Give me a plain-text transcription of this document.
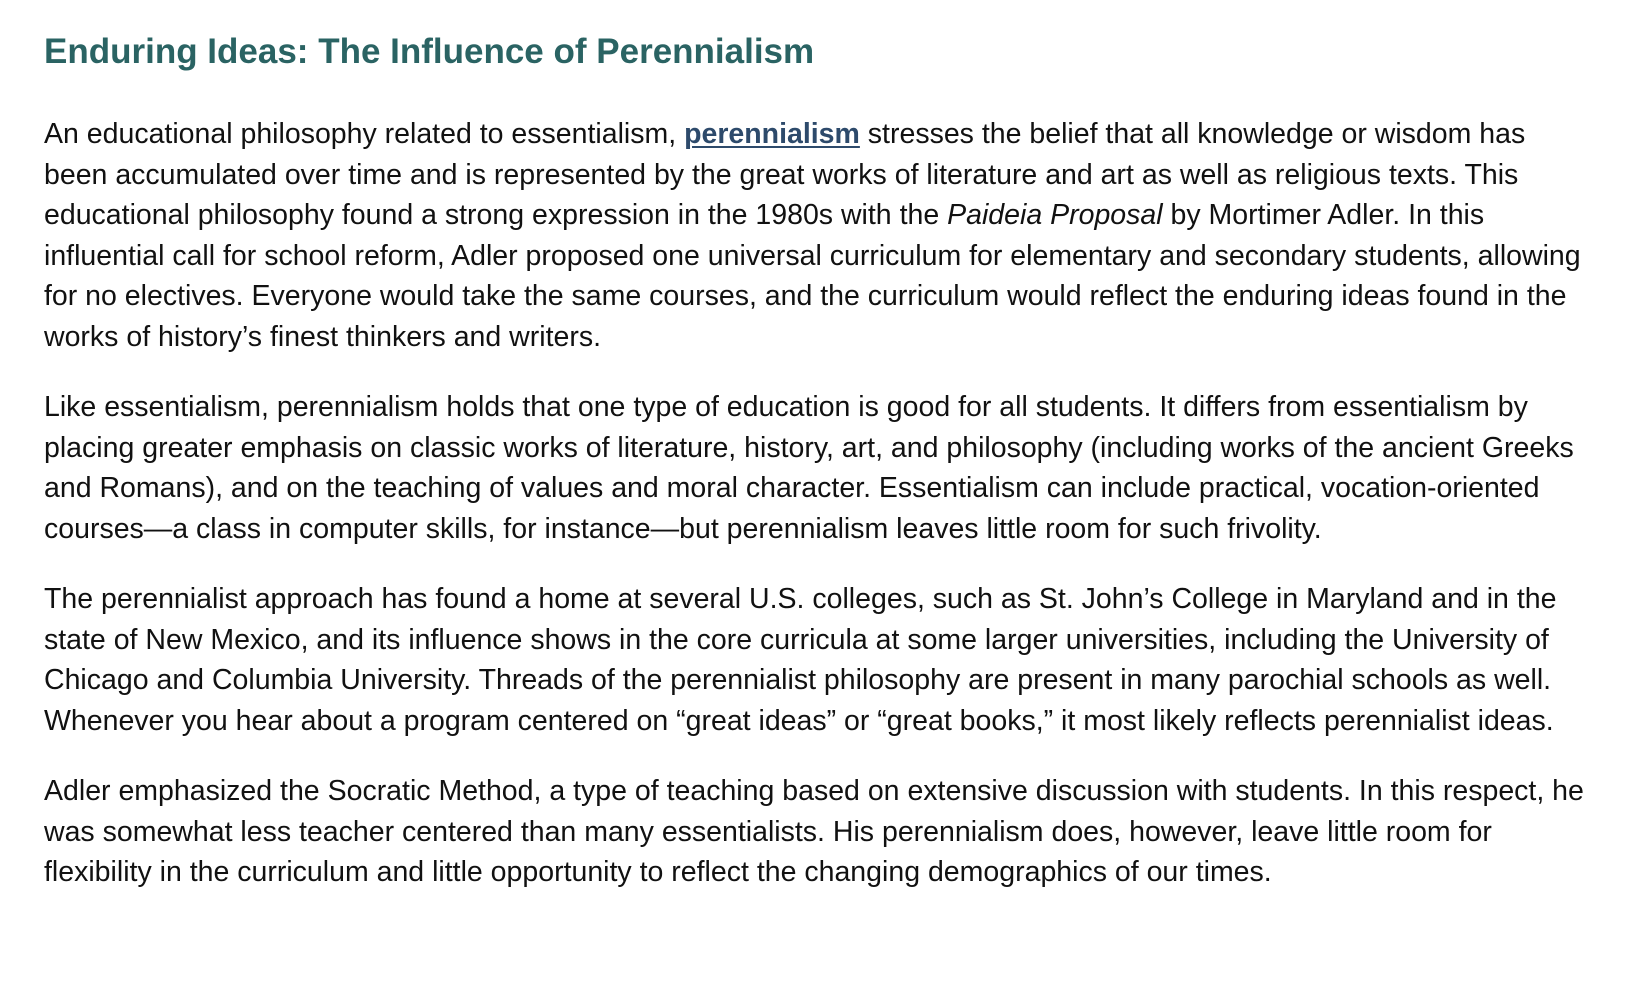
Enduring Ideas: The Influence of Perennialism

An educational philosophy related to essentialism, perennialism stresses the belief that all knowledge or wisdom has been accumulated over time and is represented by the great works of literature and art as well as religious texts. This educational philosophy found a strong expression in the 1980s with the Paideia Proposal by Mortimer Adler. In this influential call for school reform, Adler proposed one universal curriculum for elementary and secondary students, allowing for no electives. Everyone would take the same courses, and the curriculum would reflect the enduring ideas found in the works of history’s finest thinkers and writers.

Like essentialism, perennialism holds that one type of education is good for all students. It differs from essentialism by placing greater emphasis on classic works of literature, history, art, and philosophy (including works of the ancient Greeks and Romans), and on the teaching of values and moral character. Essentialism can include practical, vocation-oriented courses—a class in computer skills, for instance—but perennialism leaves little room for such frivolity.

The perennialist approach has found a home at several U.S. colleges, such as St. John’s College in Maryland and in the state of New Mexico, and its influence shows in the core curricula at some larger universities, including the University of Chicago and Columbia University. Threads of the perennialist philosophy are present in many parochial schools as well. Whenever you hear about a program centered on “great ideas” or “great books,” it most likely reflects perennialist ideas.

Adler emphasized the Socratic Method, a type of teaching based on extensive discussion with students. In this respect, he was somewhat less teacher centered than many essentialists. His perennialism does, however, leave little room for flexibility in the curriculum and little opportunity to reflect the changing demographics of our times.
